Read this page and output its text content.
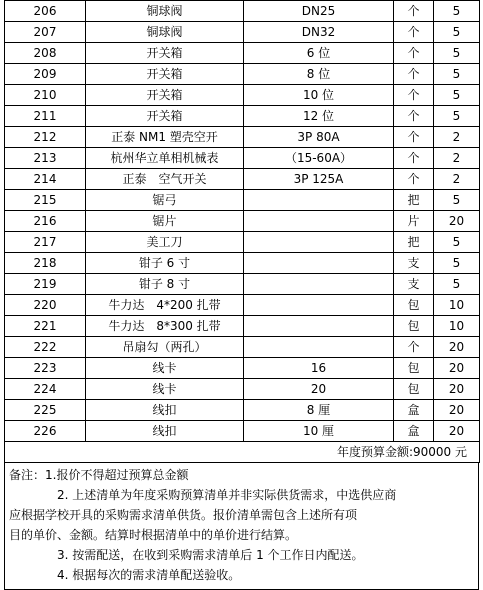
206	铜球阀	DN25	个	5
207	铜球阀	DN32	个	5
208	开关箱	6 位	个	5
209	开关箱	8 位	个	5
210	开关箱	10 位	个	5
211	开关箱	12 位	个	5
212	正泰 NM1 塑壳空开	3P 80A	个	2
213	杭州华立单相机械表	（15-60A）	个	2
214	正泰　空气开关	3P 125A	个	2
215	锯弓		把	5
216	锯片		片	20
217	美工刀		把	5
218	钳子 6 寸		支	5
219	钳子 8 寸		支	5
220	牛力达　4*200 扎带		包	10
221	牛力达　8*300 扎带		包	10
222	吊扇勾（两孔）		个	20
223	线卡	16	包	20
224	线卡	20	包	20
225	线扣	8 厘	盒	20
226	线扣	10 厘	盒	20
年度预算金额:90000 元				
备注：1.报价不得超过预算总金额
2. 上述清单为年度采购预算清单并非实际供货需求，中选供应商
应根据学校开具的采购需求清单供货。报价清单需包含上述所有项
目的单价、金额。结算时根据清单中的单价进行结算。
3. 按需配送，在收到采购需求清单后 1 个工作日内配送。
4. 根据每次的需求清单配送验收。
